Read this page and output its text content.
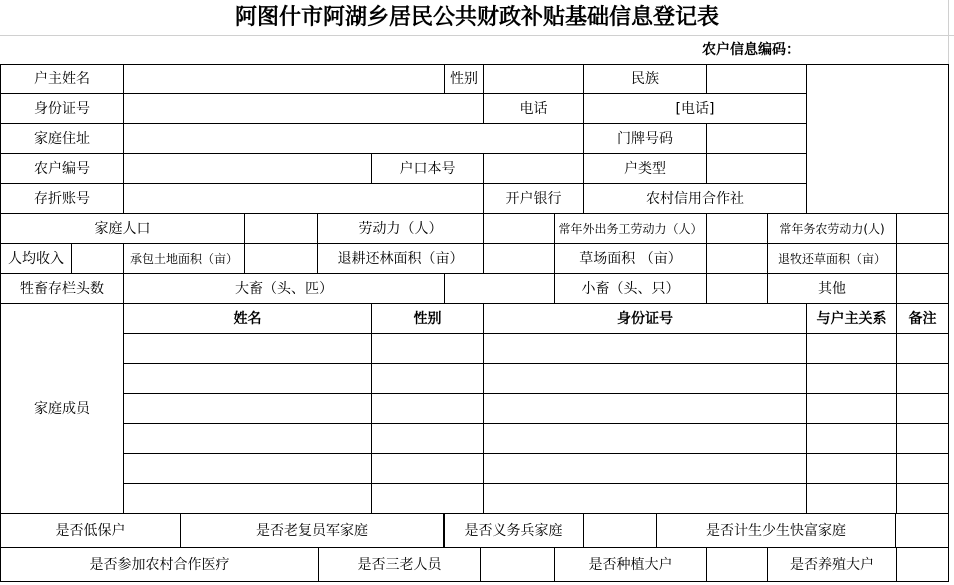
阿图什市阿湖乡居民公共财政补贴基础信息登记表
农户信息编码：
户主姓名	性别	民族
身份证号	电话	[电话]
家庭住址	门牌号码
农户编号	户口本号	户类型
存折账号	开户银行	农村信用合作社
家庭人口	劳动力（人）	常年外出务工劳动力（人）	常年务农劳动力(人)
人均收入	承包土地面积（亩）	退耕还林面积（亩）	草场面积 （亩）	退牧还草面积（亩）
牲畜存栏头数	大畜（头、匹）	小畜（头、只）	其他
家庭成员
姓名	性别	身份证号	与户主关系	备注
是否低保户	是否老复员军家庭	是否义务兵家庭	是否计生少生快富家庭
是否参加农村合作医疗	是否三老人员	是否种植大户	是否养殖大户
